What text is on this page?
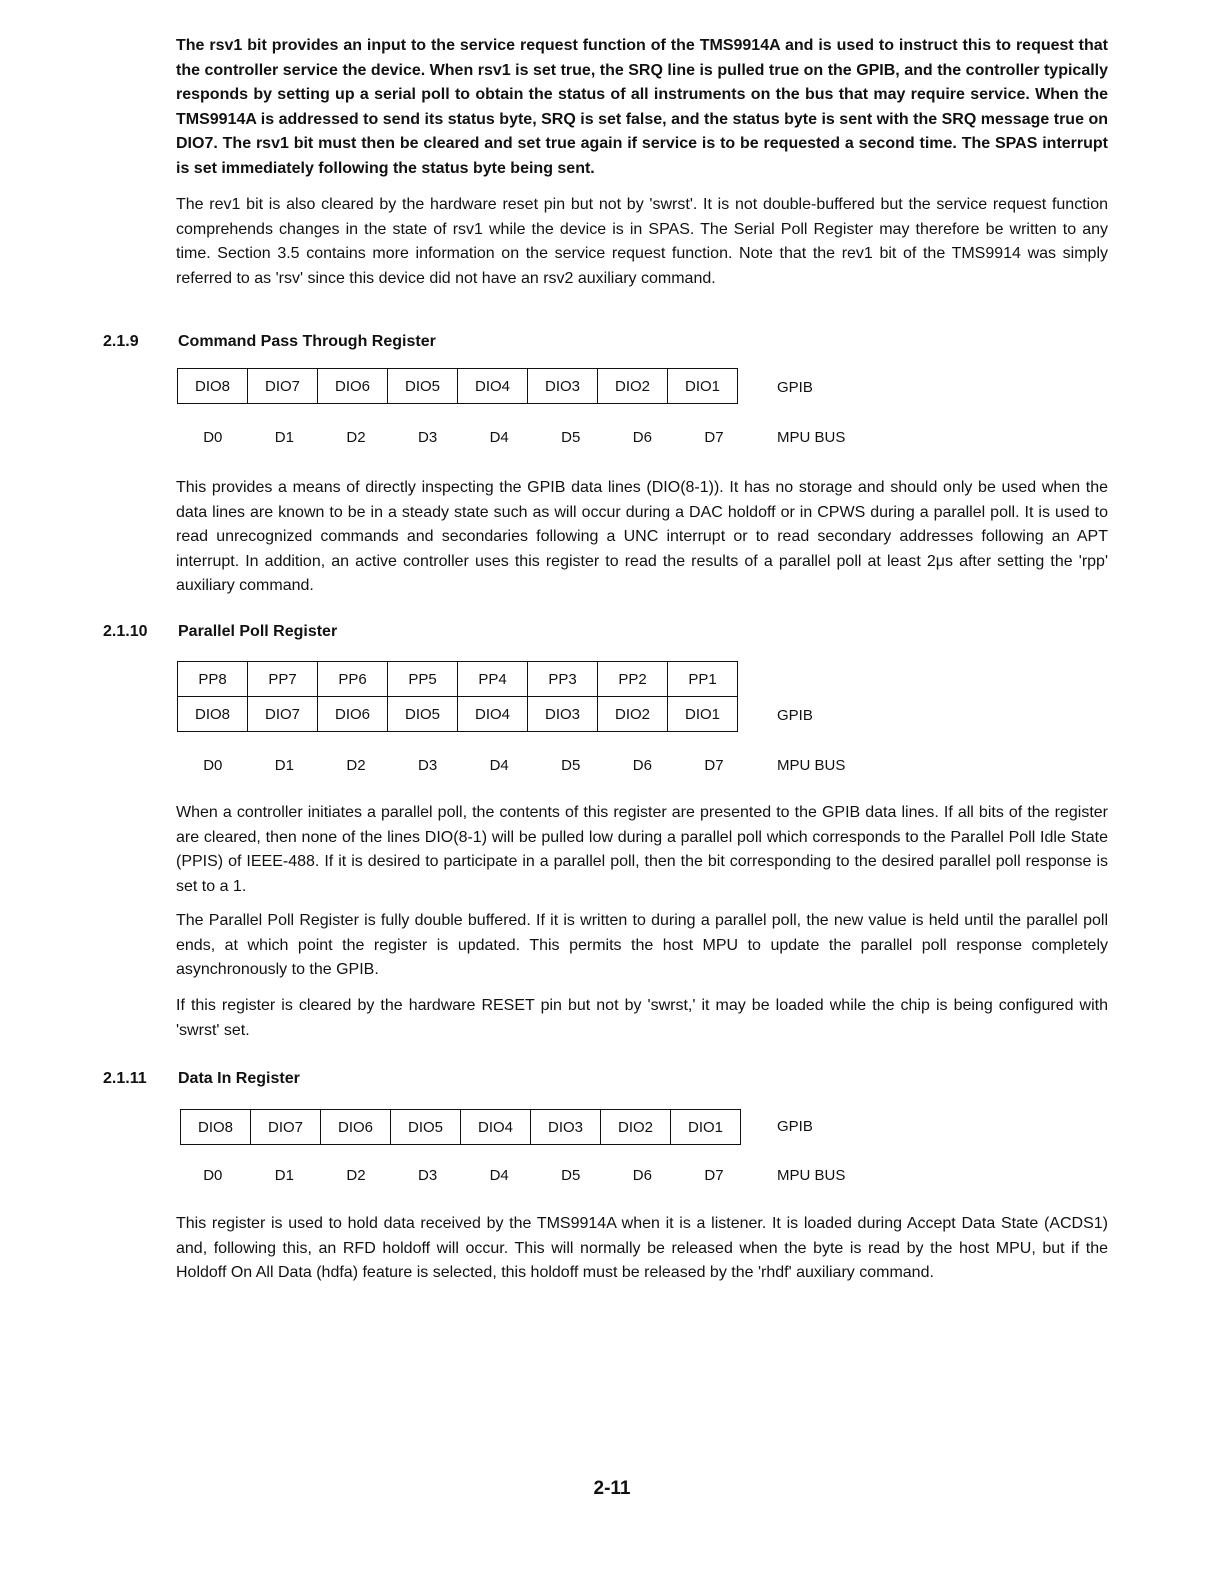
The rsv1 bit provides an input to the service request function of the TMS9914A and is used to instruct this to request that the controller service the device. When rsv1 is set true, the SRQ line is pulled true on the GPIB, and the controller typically responds by setting up a serial poll to obtain the status of all instruments on the bus that may require service. When the TMS9914A is addressed to send its status byte, SRQ is set false, and the status byte is sent with the SRQ message true on DIO7. The rsv1 bit must then be cleared and set true again if service is to be requested a second time. The SPAS interrupt is set immediately following the status byte being sent.

The rev1 bit is also cleared by the hardware reset pin but not by 'swrst'. It is not double-buffered but the service request function comprehends changes in the state of rsv1 while the device is in SPAS. The Serial Poll Register may therefore be written to any time. Section 3.5 contains more information on the service request function. Note that the rev1 bit of the TMS9914 was simply referred to as 'rsv' since this device did not have an rsv2 auxiliary command.

2.1.9	Command Pass Through Register
DIO8	DIO7	DIO6	DIO5	DIO4	DIO3	DIO2	DIO1	GPIB
D0	D1	D2	D3	D4	D5	D6	D7	MPU BUS

This provides a means of directly inspecting the GPIB data lines (DIO(8-1)). It has no storage and should only be used when the data lines are known to be in a steady state such as will occur during a DAC holdoff or in CPWS during a parallel poll. It is used to read unrecognized commands and secondaries following a UNC interrupt or to read secondary addresses following an APT interrupt. In addition, an active controller uses this register to read the results of a parallel poll at least 2μs after setting the 'rpp' auxiliary command.

2.1.10	Parallel Poll Register
PP8	PP7	PP6	PP5	PP4	PP3	PP2	PP1
DIO8	DIO7	DIO6	DIO5	DIO4	DIO3	DIO2	DIO1	GPIB
D0	D1	D2	D3	D4	D5	D6	D7	MPU BUS

When a controller initiates a parallel poll, the contents of this register are presented to the GPIB data lines. If all bits of the register are cleared, then none of the lines DIO(8-1) will be pulled low during a parallel poll which corresponds to the Parallel Poll Idle State (PPIS) of IEEE-488. If it is desired to participate in a parallel poll, then the bit corresponding to the desired parallel poll response is set to a 1.

The Parallel Poll Register is fully double buffered. If it is written to during a parallel poll, the new value is held until the parallel poll ends, at which point the register is updated. This permits the host MPU to update the parallel poll response completely asynchronously to the GPIB.

If this register is cleared by the hardware RESET pin but not by 'swrst,' it may be loaded while the chip is being configured with 'swrst' set.

2.1.11	Data In Register
DIO8	DIO7	DIO6	DIO5	DIO4	DIO3	DIO2	DIO1	GPIB
D0	D1	D2	D3	D4	D5	D6	D7	MPU BUS

This register is used to hold data received by the TMS9914A when it is a listener. It is loaded during Accept Data State (ACDS1) and, following this, an RFD holdoff will occur. This will normally be released when the byte is read by the host MPU, but if the Holdoff On All Data (hdfa) feature is selected, this holdoff must be released by the 'rhdf' auxiliary command.

2-11
